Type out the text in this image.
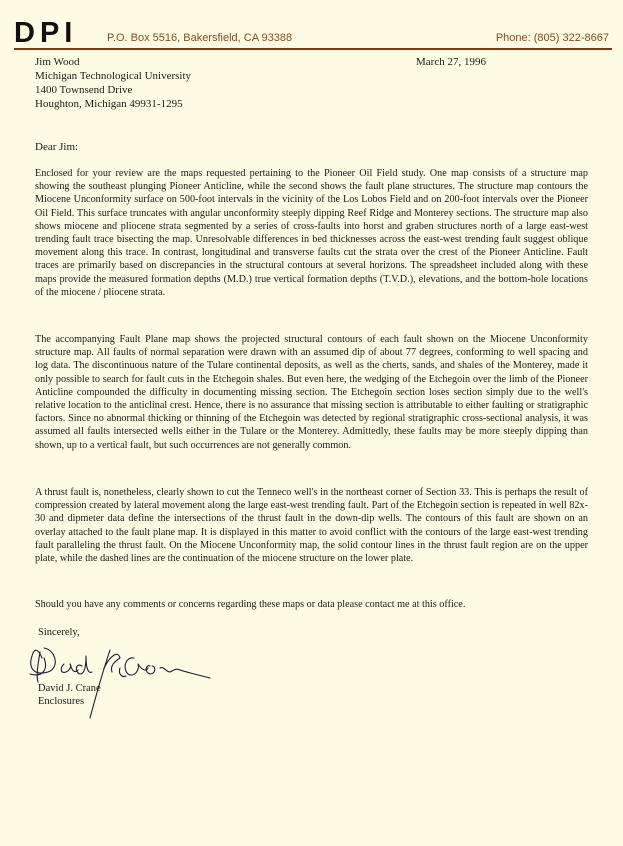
DPI	P.O. Box 5516, Bakersfield, CA 93388	Phone: (805) 322-8667
Jim Wood
Michigan Technological University
1400 Townsend Drive
Houghton, Michigan 49931-1295
March 27, 1996
Dear Jim:
Enclosed for your review are the maps requested pertaining to the Pioneer Oil Field study. One map consists of a structure map showing the southeast plunging Pioneer Anticline, while the second shows the fault plane structures. The structure map contours the Miocene Unconformity surface on 500-foot intervals in the vicinity of the Los Lobos Field and on 200-foot intervals over the Pioneer Oil Field. This surface truncates with angular unconformity steeply dipping Reef Ridge and Monterey sections. The structure map also shows miocene and pliocene strata segmented by a series of cross-faults into horst and graben structures north of a large east-west trending fault trace bisecting the map. Unresolvable differences in bed thicknesses across the east-west trending fault suggest oblique movement along this trace. In contrast, longitudinal and transverse faults cut the strata over the crest of the Pioneer Anticline. Fault traces are primarily based on discrepancies in the structural contours at several horizons. The spreadsheet included along with these maps provide the measured formation depths (M.D.) true vertical formation depths (T.V.D.), elevations, and the bottom-hole locations of the miocene / pliocene strata.
The accompanying Fault Plane map shows the projected structural contours of each fault shown on the Miocene Unconformity structure map. All faults of normal separation were drawn with an assumed dip of about 77 degrees, conforming to well spacing and log data. The discontinuous nature of the Tulare continental deposits, as well as the cherts, sands, and shales of the Monterey, made it only possible to search for fault cuts in the Etchegoin shales. But even here, the wedging of the Etchegoin over the limb of the Pioneer Anticline compounded the difficulty in documenting missing section. The Etchegoin section loses section simply due to the well's relative location to the anticlinal crest. Hence, there is no assurance that missing section is attributable to either faulting or stratigraphic factors. Since no abnormal thicking or thinning of the Etchegoin was detected by regional stratigraphic cross-sectional analysis, it was assumed all faults intersected wells either in the Tulare or the Monterey. Admittedly, these faults may be more steeply dipping than shown, up to a vertical fault, but such occurrences are not generally common.
A thrust fault is, nonetheless, clearly shown to cut the Tenneco well's in the northeast corner of Section 33. This is perhaps the result of compression created by lateral movement along the large east-west trending fault. Part of the Etchegoin section is repeated in well 82x-30 and dipmeter data define the intersections of the thrust fault in the down-dip wells. The contours of this fault are shown on an overlay attached to the fault plane map. It is displayed in this matter to avoid conflict with the contours of the large east-west trending fault paralleling the thrust fault. On the Miocene Unconformity map, the solid contour lines in the thrust fault region are on the upper plate, while the dashed lines are the continuation of the miocene structure on the lower plate.
Should you have any comments or concerns regarding these maps or data please contact me at this office.
Sincerely,
David J. Crane
Enclosures
